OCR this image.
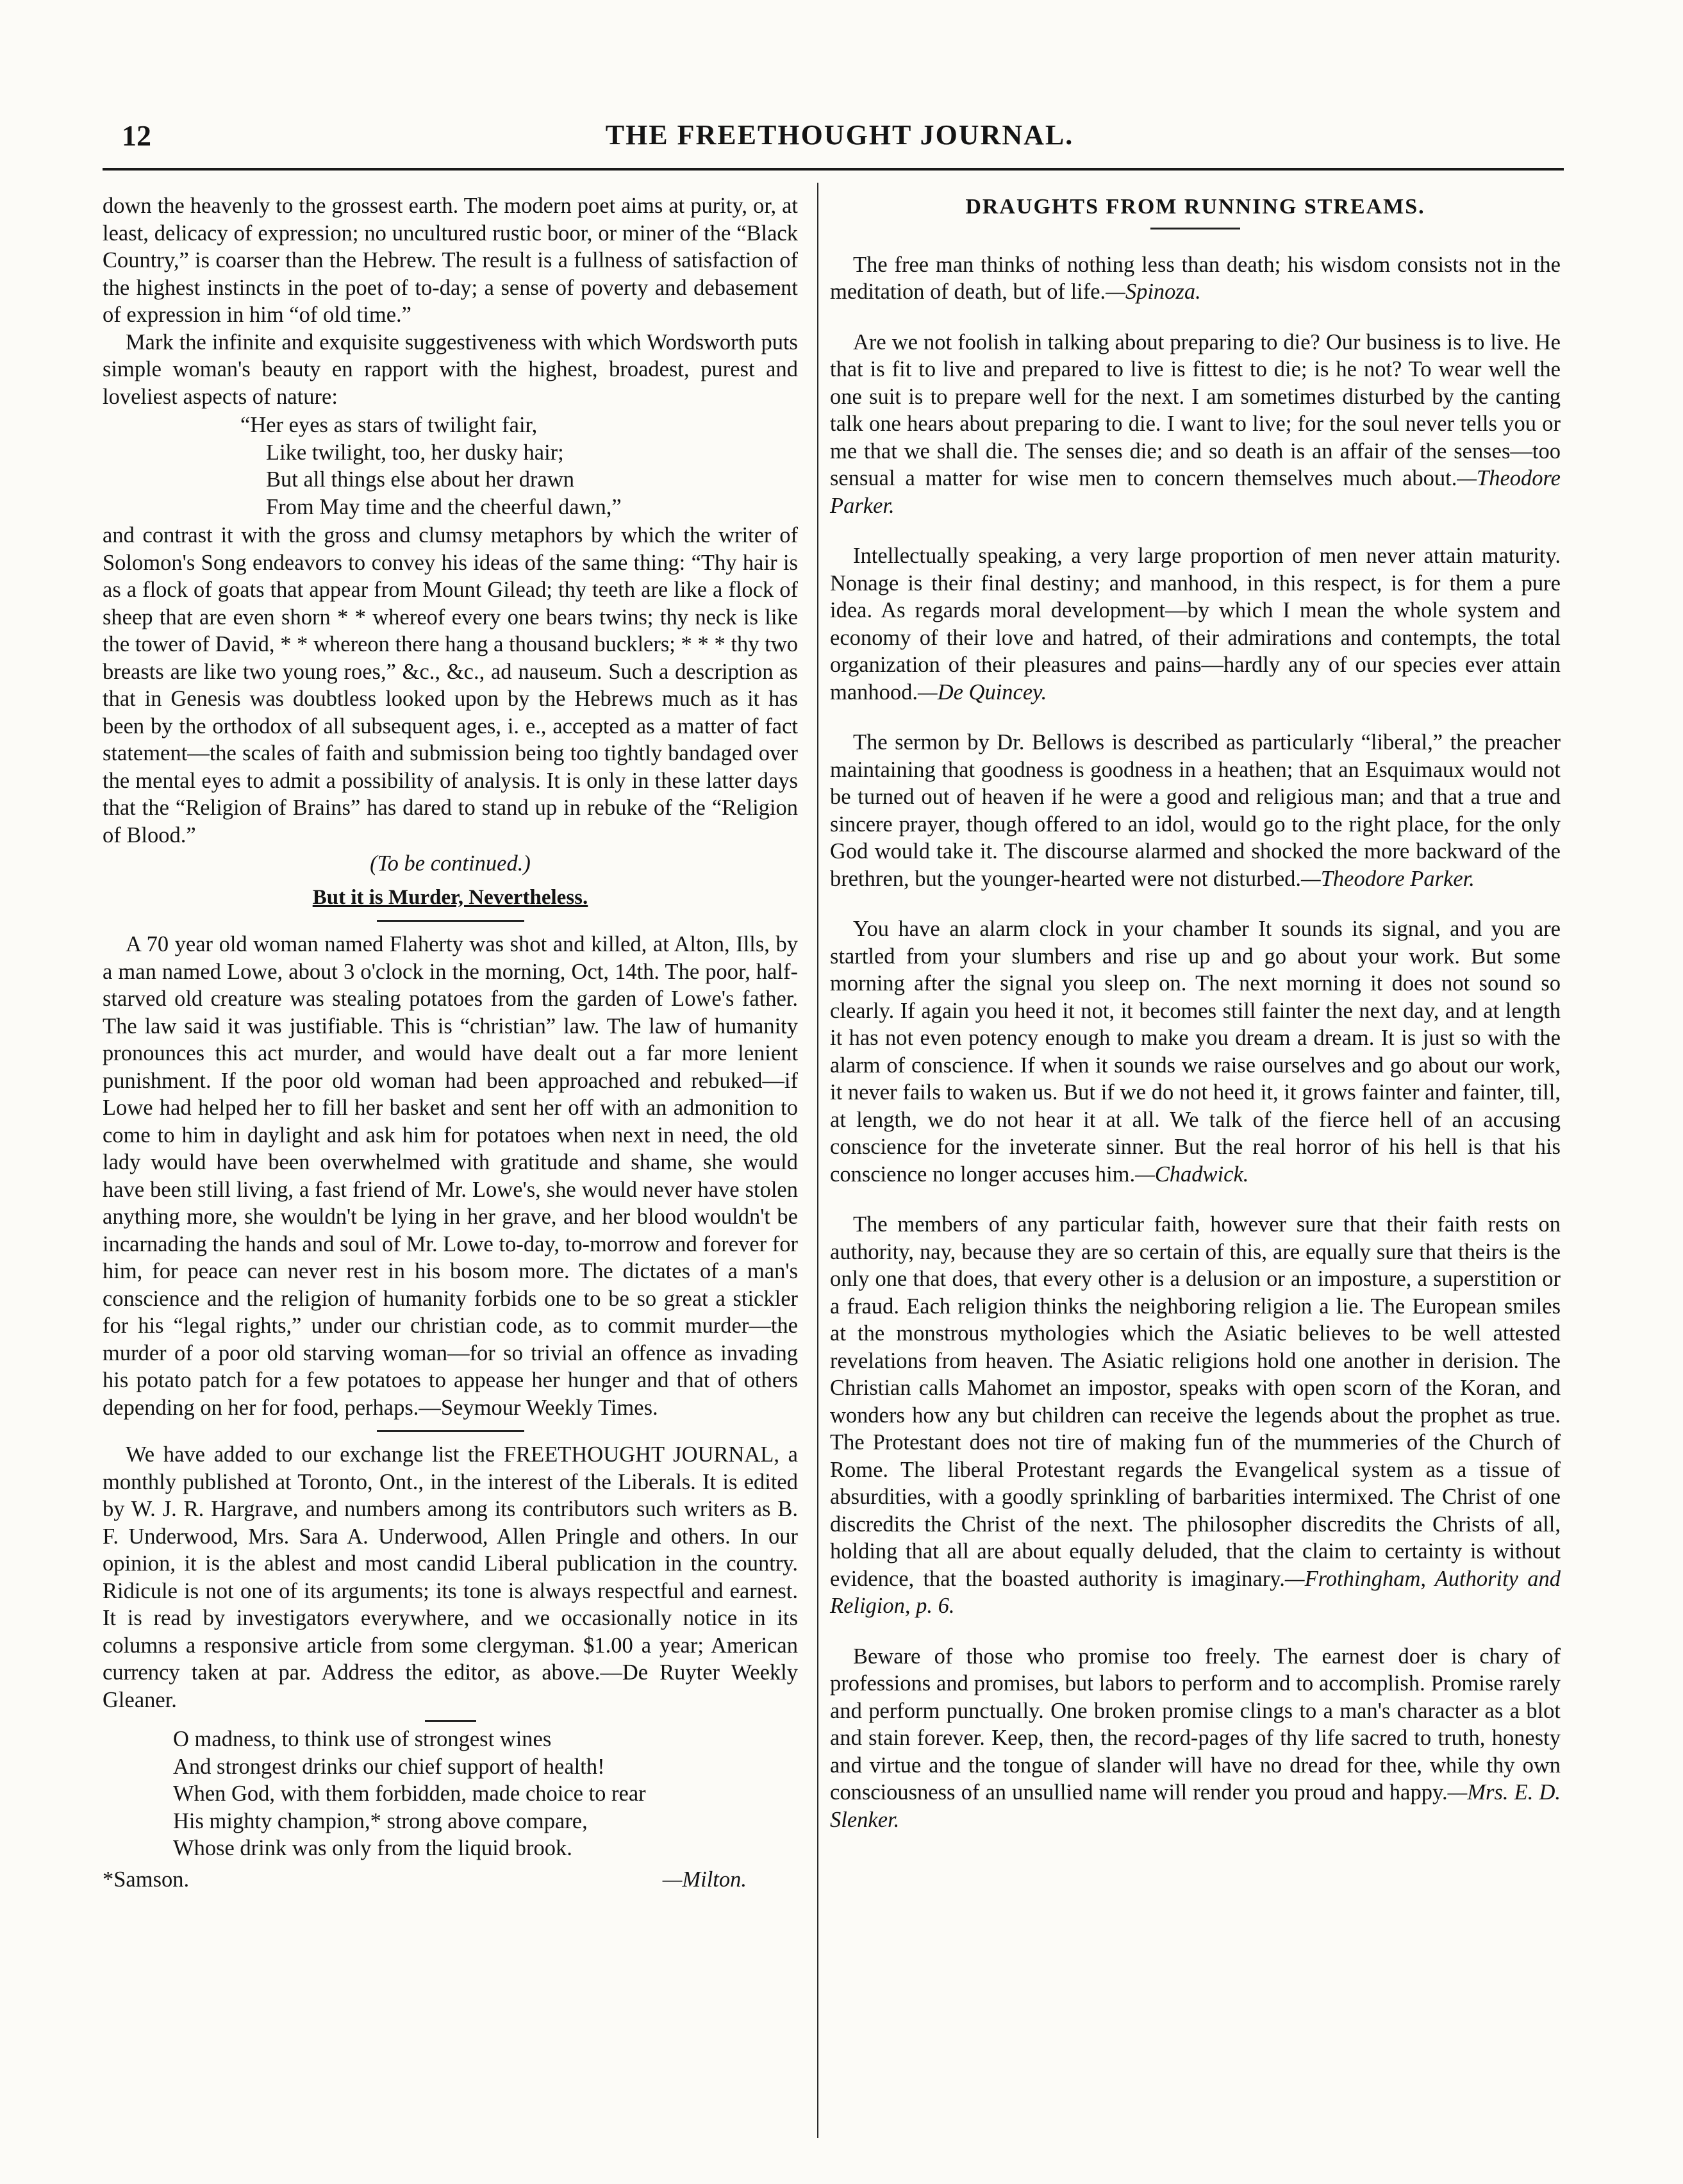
12	THE FREETHOUGHT JOURNAL.

down the heavenly to the grossest earth. The modern poet aims at purity, or, at least, delicacy of expression; no uncultured rustic boor, or miner of the “Black Country,” is coarser than the Hebrew. The result is a fullness of satisfaction of the highest instincts in the poet of to-day; a sense of poverty and debasement of expression in him “of old time.”

Mark the infinite and exquisite suggestiveness with which Wordsworth puts simple woman's beauty en rapport with the highest, broadest, purest and loveliest aspects of nature:

“Her eyes as stars of twilight fair,
Like twilight, too, her dusky hair;
But all things else about her drawn
From May time and the cheerful dawn,”

and contrast it with the gross and clumsy metaphors by which the writer of Solomon's Song endeavors to convey his ideas of the same thing: “Thy hair is as a flock of goats that appear from Mount Gilead; thy teeth are like a flock of sheep that are even shorn * * whereof every one bears twins; thy neck is like the tower of David, * * whereon there hang a thousand bucklers; * * * thy two breasts are like two young roes,” &c., &c., ad nauseum. Such a description as that in Genesis was doubtless looked upon by the Hebrews much as it has been by the orthodox of all subsequent ages, i. e., accepted as a matter of fact statement—the scales of faith and submission being too tightly bandaged over the mental eyes to admit a possibility of analysis. It is only in these latter days that the “Religion of Brains” has dared to stand up in rebuke of the “Religion of Blood.”

(To be continued.)

But it is Murder, Nevertheless.

A 70 year old woman named Flaherty was shot and killed, at Alton, Ills, by a man named Lowe, about 3 o'clock in the morning, Oct, 14th. The poor, half-starved old creature was stealing potatoes from the garden of Lowe's father. The law said it was justifiable. This is “christian” law. The law of humanity pronounces this act murder, and would have dealt out a far more lenient punishment. If the poor old woman had been approached and rebuked—if Lowe had helped her to fill her basket and sent her off with an admonition to come to him in daylight and ask him for potatoes when next in need, the old lady would have been overwhelmed with gratitude and shame, she would have been still living, a fast friend of Mr. Lowe's, she would never have stolen anything more, she wouldn't be lying in her grave, and her blood wouldn't be incarnading the hands and soul of Mr. Lowe to-day, to-morrow and forever for him, for peace can never rest in his bosom more. The dictates of a man's conscience and the religion of humanity forbids one to be so great a stickler for his “legal rights,” under our christian code, as to commit murder—the murder of a poor old starving woman—for so trivial an offence as invading his potato patch for a few potatoes to appease her hunger and that of others depending on her for food, perhaps.—Seymour Weekly Times.

We have added to our exchange list the FREETHOUGHT JOURNAL, a monthly published at Toronto, Ont., in the interest of the Liberals. It is edited by W. J. R. Hargrave, and numbers among its contributors such writers as B. F. Underwood, Mrs. Sara A. Underwood, Allen Pringle and others. In our opinion, it is the ablest and most candid Liberal publication in the country. Ridicule is not one of its arguments; its tone is always respectful and earnest. It is read by investigators everywhere, and we occasionally notice in its columns a responsive article from some clergyman. $1.00 a year; American currency taken at par. Address the editor, as above.—De Ruyter Weekly Gleaner.

O madness, to think use of strongest wines
And strongest drinks our chief support of health!
When God, with them forbidden, made choice to rear
His mighty champion,* strong above compare,
Whose drink was only from the liquid brook.
*Samson.	—Milton.
DRAUGHTS FROM RUNNING STREAMS.

The free man thinks of nothing less than death; his wisdom consists not in the meditation of death, but of life.—Spinoza.

Are we not foolish in talking about preparing to die? Our business is to live. He that is fit to live and prepared to live is fittest to die; is he not? To wear well the one suit is to prepare well for the next. I am sometimes disturbed by the canting talk one hears about preparing to die. I want to live; for the soul never tells you or me that we shall die. The senses die; and so death is an affair of the senses—too sensual a matter for wise men to concern themselves much about.—Theodore Parker.

Intellectually speaking, a very large proportion of men never attain maturity. Nonage is their final destiny; and manhood, in this respect, is for them a pure idea. As regards moral development—by which I mean the whole system and economy of their love and hatred, of their admirations and contempts, the total organization of their pleasures and pains—hardly any of our species ever attain manhood.—De Quincey.

The sermon by Dr. Bellows is described as particularly “liberal,” the preacher maintaining that goodness is goodness in a heathen; that an Esquimaux would not be turned out of heaven if he were a good and religious man; and that a true and sincere prayer, though offered to an idol, would go to the right place, for the only God would take it. The discourse alarmed and shocked the more backward of the brethren, but the younger-hearted were not disturbed.—Theodore Parker.

You have an alarm clock in your chamber It sounds its signal, and you are startled from your slumbers and rise up and go about your work. But some morning after the signal you sleep on. The next morning it does not sound so clearly. If again you heed it not, it becomes still fainter the next day, and at length it has not even potency enough to make you dream a dream. It is just so with the alarm of conscience. If when it sounds we raise ourselves and go about our work, it never fails to waken us. But if we do not heed it, it grows fainter and fainter, till, at length, we do not hear it at all. We talk of the fierce hell of an accusing conscience for the inveterate sinner. But the real horror of his hell is that his conscience no longer accuses him.—Chadwick.

The members of any particular faith, however sure that their faith rests on authority, nay, because they are so certain of this, are equally sure that theirs is the only one that does, that every other is a delusion or an imposture, a superstition or a fraud. Each religion thinks the neighboring religion a lie. The European smiles at the monstrous mythologies which the Asiatic believes to be well attested revelations from heaven. The Asiatic religions hold one another in derision. The Christian calls Mahomet an impostor, speaks with open scorn of the Koran, and wonders how any but children can receive the legends about the prophet as true. The Protestant does not tire of making fun of the mummeries of the Church of Rome. The liberal Protestant regards the Evangelical system as a tissue of absurdities, with a goodly sprinkling of barbarities intermixed. The Christ of one discredits the Christ of the next. The philosopher discredits the Christs of all, holding that all are about equally deluded, that the claim to certainty is without evidence, that the boasted authority is imaginary.—Frothingham, Authority and Religion, p. 6.

Beware of those who promise too freely. The earnest doer is chary of professions and promises, but labors to perform and to accomplish. Promise rarely and perform punctually. One broken promise clings to a man's character as a blot and stain forever. Keep, then, the record-pages of thy life sacred to truth, honesty and virtue and the tongue of slander will have no dread for thee, while thy own consciousness of an unsullied name will render you proud and happy.—Mrs. E. D. Slenker.
